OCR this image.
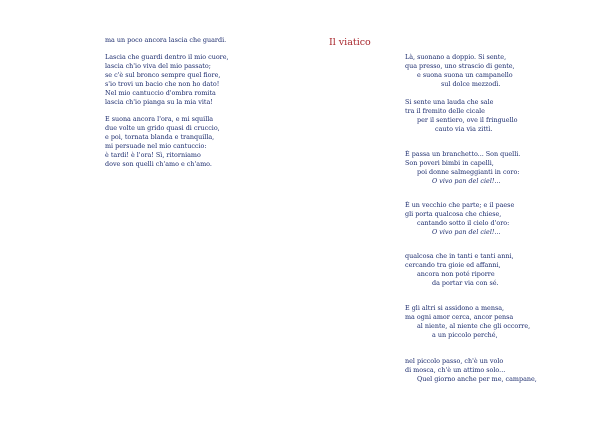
ma un poco ancora lascia che guardi.
Lascia che guardi dentro il mio cuore,
lascia ch'io viva del mio passato;
se c'è sul bronco sempre quel fiore,
s'io trovi un bacio che non ho dato!
Nel mio cantuccio d'ombra romita
lascia ch'io pianga su la mia vita!
E suona ancora l'ora, e mi squilla
due volte un grido quasi di cruccio,
e poi, tornata blanda e tranquilla,
mi persuade nel mio cantuccio:
è tardi! è l'ora! Sì, ritorniamo
dove son quelli ch'amo e ch'amo.
Il viatico
Là, suonano a doppio. Si sente,
qua presso, uno strascio di gente,
e suona suona un campanello
sul dolce mezzodì.
Si sente una lauda che sale
tra il fremito delle cicale
per il sentiero, ove il fringuello
cauto via via zittì.
È passa un branchetto... Son quelli.
Son poveri bimbi in capelli,
poi donne salmeggianti in coro:
O vivo pan del ciel!...
È un vecchio che parte; e il paese
gli porta qualcosa che chiese,
cantando sotto il cielo d'oro:
O vivo pan del ciel!...
qualcosa che in tanti e tanti anni,
cercando tra gioie ed affanni,
ancora non poté riporre
da portar via con sé.
E gli altri si assidono a mensa,
ma ogni amor cerca, ancor pensa
al niente, al niente che gli occorre,
a un piccolo perché,
nel piccolo passo, ch'è un volo
di mosca, ch'è un attimo solo...
Quel giorno anche per me, campane,
